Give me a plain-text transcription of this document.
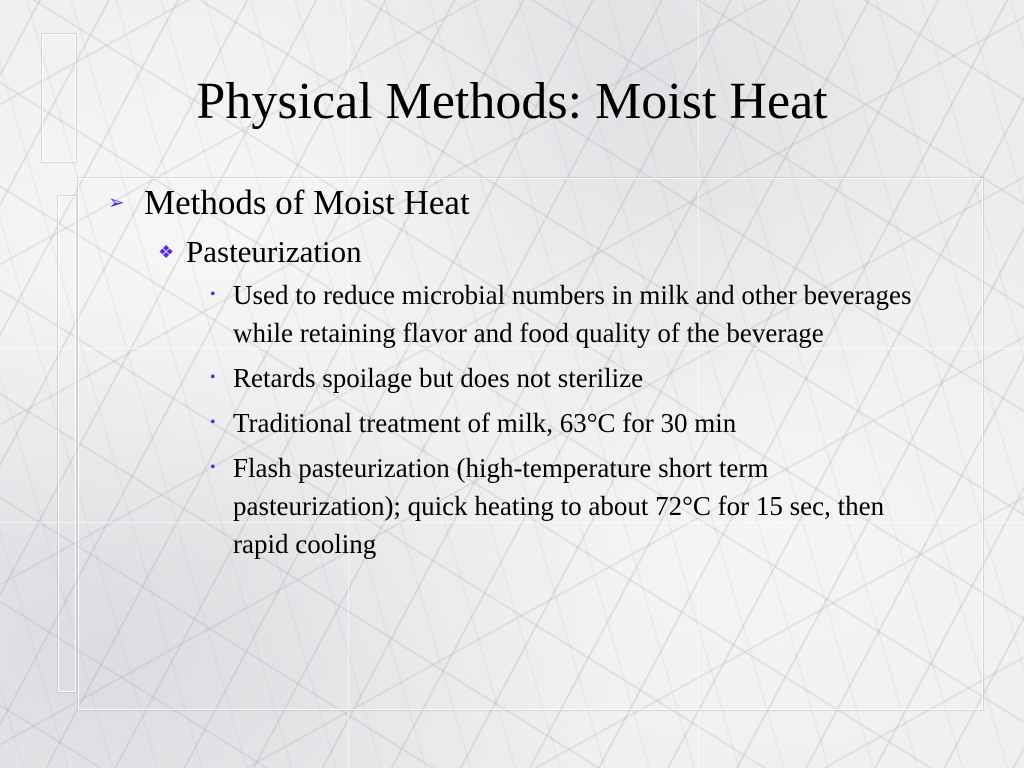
Physical Methods: Moist Heat

➢ Methods of Moist Heat

❖ Pasteurization

• Used to reduce microbial numbers in milk and other beverages while retaining flavor and food quality of the beverage
• Retards spoilage but does not sterilize
• Traditional treatment of milk, 63°C for 30 min
• Flash pasteurization (high-temperature short term pasteurization); quick heating to about 72°C for 15 sec, then rapid cooling
